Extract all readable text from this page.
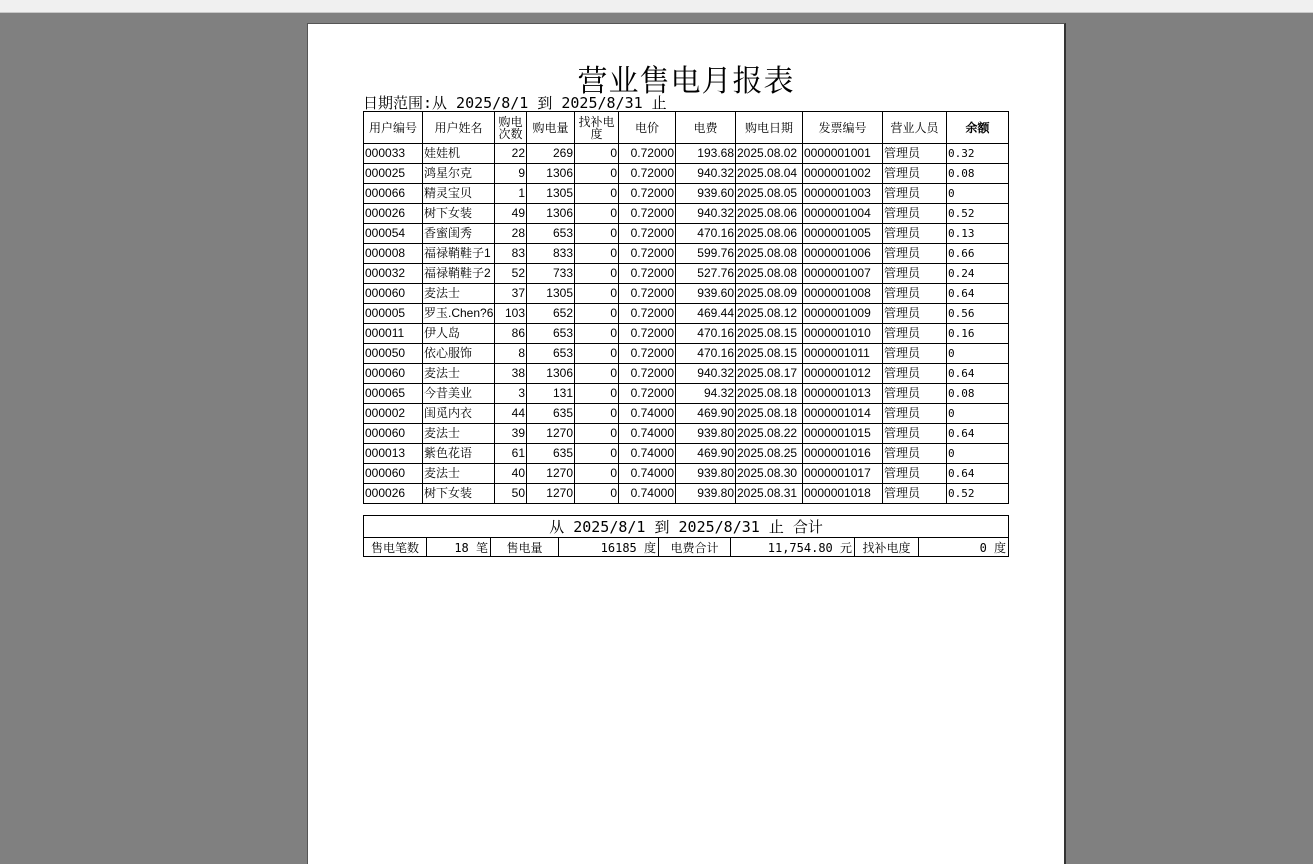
营业售电月报表
日期范围:从 2025/8/1 到 2025/8/31 止
用户编号	用户姓名	购电次数	购电量	找补电度	电价	电费	购电日期	发票编号	营业人员	余额
000033	娃娃机	22	269	0	0.72000	193.68	2025.08.02	0000001001	管理员	0.32
000025	鸿星尔克	9	1306	0	0.72000	940.32	2025.08.04	0000001002	管理员	0.08
000066	精灵宝贝	1	1305	0	0.72000	939.60	2025.08.05	0000001003	管理员	0
000026	树下女装	49	1306	0	0.72000	940.32	2025.08.06	0000001004	管理员	0.52
000054	香蜜闺秀	28	653	0	0.72000	470.16	2025.08.06	0000001005	管理员	0.13
000008	福禄鞘鞋子1	83	833	0	0.72000	599.76	2025.08.08	0000001006	管理员	0.66
000032	福禄鞘鞋子2	52	733	0	0.72000	527.76	2025.08.08	0000001007	管理员	0.24
000060	麦法士	37	1305	0	0.72000	939.60	2025.08.09	0000001008	管理员	0.64
000005	罗玉.Chen?6	103	652	0	0.72000	469.44	2025.08.12	0000001009	管理员	0.56
000011	伊人岛	86	653	0	0.72000	470.16	2025.08.15	0000001010	管理员	0.16
000050	依心服饰	8	653	0	0.72000	470.16	2025.08.15	0000001011	管理员	0
000060	麦法士	38	1306	0	0.72000	940.32	2025.08.17	0000001012	管理员	0.64
000065	今昔美业	3	131	0	0.72000	94.32	2025.08.18	0000001013	管理员	0.08
000002	闺觅内衣	44	635	0	0.74000	469.90	2025.08.18	0000001014	管理员	0
000060	麦法士	39	1270	0	0.74000	939.80	2025.08.22	0000001015	管理员	0.64
000013	紫色花语	61	635	0	0.74000	469.90	2025.08.25	0000001016	管理员	0
000060	麦法士	40	1270	0	0.74000	939.80	2025.08.30	0000001017	管理员	0.64
000026	树下女装	50	1270	0	0.74000	939.80	2025.08.31	0000001018	管理员	0.52
从 2025/8/1 到 2025/8/31 止 合计
售电笔数	18 笔	售电量	16185 度	电费合计	11,754.80 元	找补电度	0 度
